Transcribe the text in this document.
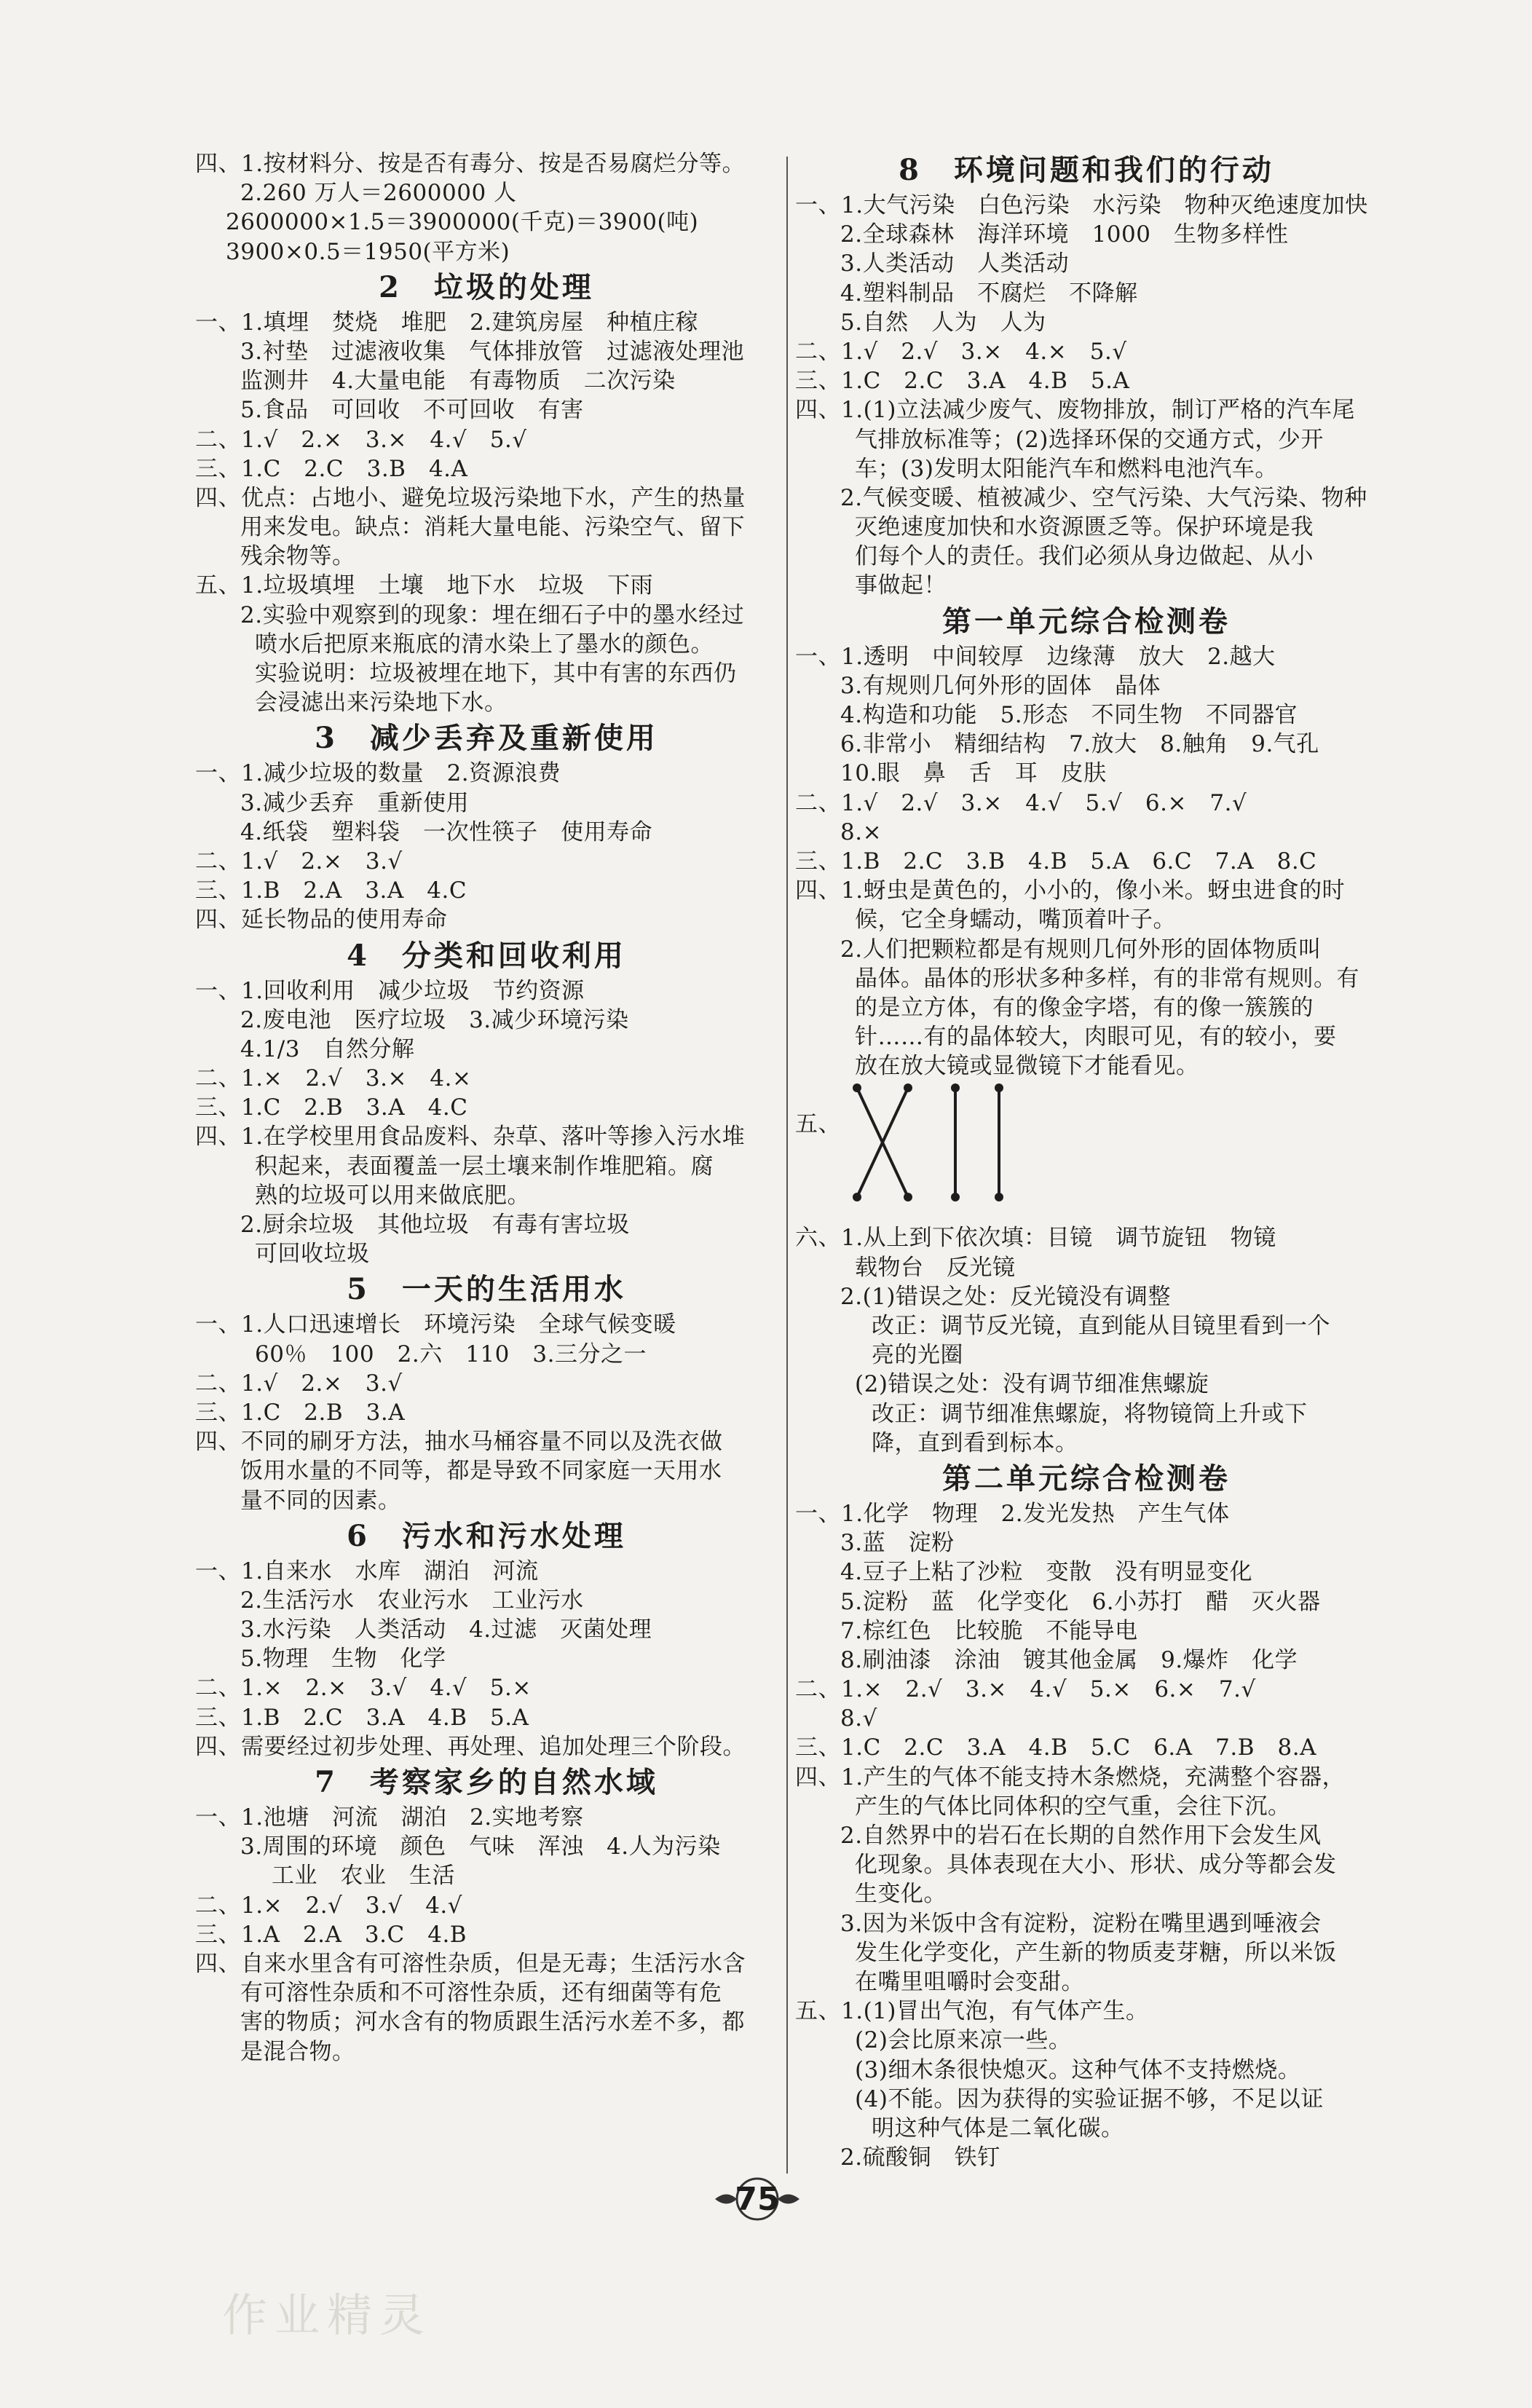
四、1.按材料分、按是否有毒分、按是否易腐烂分等。
2.260 万人＝2600000 人
2600000×1.5＝3900000(千克)＝3900(吨)
3900×0.5＝1950(平方米)
2　垃圾的处理
一、1.填埋　焚烧　堆肥　2.建筑房屋　种植庄稼
3.衬垫　过滤液收集　气体排放管　过滤液处理池
监测井　4.大量电能　有毒物质　二次污染
5.食品　可回收　不可回收　有害
二、1.√　2.×　3.×　4.√　5.√
三、1.C　2.C　3.B　4.A
四、优点：占地小、避免垃圾污染地下水，产生的热量
用来发电。缺点：消耗大量电能、污染空气、留下
残余物等。
五、1.垃圾填埋　土壤　地下水　垃圾　下雨
2.实验中观察到的现象：埋在细石子中的墨水经过
喷水后把原来瓶底的清水染上了墨水的颜色。
实验说明：垃圾被埋在地下，其中有害的东西仍
会浸滤出来污染地下水。
3　减少丢弃及重新使用
一、1.减少垃圾的数量　2.资源浪费
3.减少丢弃　重新使用
4.纸袋　塑料袋　一次性筷子　使用寿命
二、1.√　2.×　3.√
三、1.B　2.A　3.A　4.C
四、延长物品的使用寿命
4　分类和回收利用
一、1.回收利用　减少垃圾　节约资源
2.废电池　医疗垃圾　3.减少环境污染
4.1/3　自然分解
二、1.×　2.√　3.×　4.×
三、1.C　2.B　3.A　4.C
四、1.在学校里用食品废料、杂草、落叶等掺入污水堆
积起来，表面覆盖一层土壤来制作堆肥箱。腐
熟的垃圾可以用来做底肥。
2.厨余垃圾　其他垃圾　有毒有害垃圾
可回收垃圾
5　一天的生活用水
一、1.人口迅速增长　环境污染　全球气候变暖
60％　100　2.六　110　3.三分之一
二、1.√　2.×　3.√
三、1.C　2.B　3.A
四、不同的刷牙方法，抽水马桶容量不同以及洗衣做
饭用水量的不同等，都是导致不同家庭一天用水
量不同的因素。
6　污水和污水处理
一、1.自来水　水库　湖泊　河流
2.生活污水　农业污水　工业污水
3.水污染　人类活动　4.过滤　灭菌处理
5.物理　生物　化学
二、1.×　2.×　3.√　4.√　5.×
三、1.B　2.C　3.A　4.B　5.A
四、需要经过初步处理、再处理、追加处理三个阶段。
7　考察家乡的自然水域
一、1.池塘　河流　湖泊　2.实地考察
3.周围的环境　颜色　气味　浑浊　4.人为污染
工业　农业　生活
二、1.×　2.√　3.√　4.√
三、1.A　2.A　3.C　4.B
四、自来水里含有可溶性杂质，但是无毒；生活污水含
有可溶性杂质和不可溶性杂质，还有细菌等有危
害的物质；河水含有的物质跟生活污水差不多，都
是混合物。
8　环境问题和我们的行动
一、1.大气污染　白色污染　水污染　物种灭绝速度加快
2.全球森林　海洋环境　1000　生物多样性
3.人类活动　人类活动
4.塑料制品　不腐烂　不降解
5.自然　人为　人为
二、1.√　2.√　3.×　4.×　5.√
三、1.C　2.C　3.A　4.B　5.A
四、1.(1)立法减少废气、废物排放，制订严格的汽车尾
气排放标准等；(2)选择环保的交通方式，少开
车；(3)发明太阳能汽车和燃料电池汽车。
2.气候变暖、植被减少、空气污染、大气污染、物种
灭绝速度加快和水资源匮乏等。保护环境是我
们每个人的责任。我们必须从身边做起、从小
事做起！
第一单元综合检测卷
一、1.透明　中间较厚　边缘薄　放大　2.越大
3.有规则几何外形的固体　晶体
4.构造和功能　5.形态　不同生物　不同器官
6.非常小　精细结构　7.放大　8.触角　9.气孔
10.眼　鼻　舌　耳　皮肤
二、1.√　2.√　3.×　4.√　5.√　6.×　7.√
8.×
三、1.B　2.C　3.B　4.B　5.A　6.C　7.A　8.C
四、1.蚜虫是黄色的，小小的，像小米。蚜虫进食的时
候，它全身蠕动，嘴顶着叶子。
2.人们把颗粒都是有规则几何外形的固体物质叫
晶体。晶体的形状多种多样，有的非常有规则。有
的是立方体，有的像金字塔，有的像一簇簇的
针……有的晶体较大，肉眼可见，有的较小，要
放在放大镜或显微镜下才能看见。
五、
六、1.从上到下依次填：目镜　调节旋钮　物镜
载物台　反光镜
2.(1)错误之处：反光镜没有调整
改正：调节反光镜，直到能从目镜里看到一个
亮的光圈
(2)错误之处：没有调节细准焦螺旋
改正：调节细准焦螺旋，将物镜筒上升或下
降，直到看到标本。
第二单元综合检测卷
一、1.化学　物理　2.发光发热　产生气体
3.蓝　淀粉
4.豆子上粘了沙粒　变散　没有明显变化
5.淀粉　蓝　化学变化　6.小苏打　醋　灭火器
7.棕红色　比较脆　不能导电
8.刷油漆　涂油　镀其他金属　9.爆炸　化学
二、1.×　2.√　3.×　4.√　5.×　6.×　7.√
8.√
三、1.C　2.C　3.A　4.B　5.C　6.A　7.B　8.A
四、1.产生的气体不能支持木条燃烧，充满整个容器，
产生的气体比同体积的空气重，会往下沉。
2.自然界中的岩石在长期的自然作用下会发生风
化现象。具体表现在大小、形状、成分等都会发
生变化。
3.因为米饭中含有淀粉，淀粉在嘴里遇到唾液会
发生化学变化，产生新的物质麦芽糖，所以米饭
在嘴里咀嚼时会变甜。
五、1.(1)冒出气泡，有气体产生。
(2)会比原来凉一些。
(3)细木条很快熄灭。这种气体不支持燃烧。
(4)不能。因为获得的实验证据不够，不足以证
明这种气体是二氧化碳。
2.硫酸铜　铁钉
75
作业精灵
